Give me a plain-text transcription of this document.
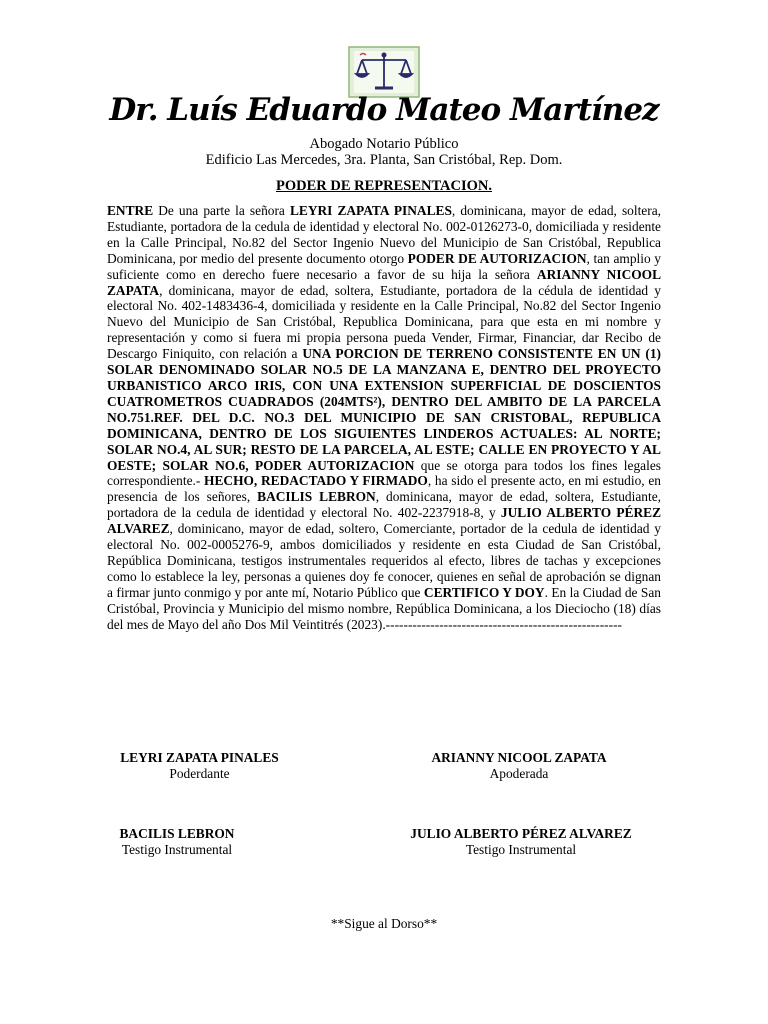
Dr. Luís Eduardo Mateo Martínez
Abogado Notario Público
Edificio Las Mercedes, 3ra. Planta, San Cristóbal, Rep. Dom.
PODER DE REPRESENTACION.
ENTRE De una parte la señora LEYRI ZAPATA PINALES, dominicana, mayor de edad, soltera, Estudiante, portadora de la cedula de identidad y electoral No. 002-0126273-0, domiciliada y residente en la Calle Principal, No.82 del Sector Ingenio Nuevo del Municipio de San Cristóbal, Republica Dominicana, por medio del presente documento otorgo PODER DE AUTORIZACION, tan amplio y suficiente como en derecho fuere necesario a favor de su hija la señora ARIANNY NICOOL ZAPATA, dominicana, mayor de edad, soltera, Estudiante, portadora de la cédula de identidad y electoral No. 402-1483436-4, domiciliada y residente en la Calle Principal, No.82 del Sector Ingenio Nuevo del Municipio de San Cristóbal, Republica Dominicana, para que esta en mi nombre y representación y como si fuera mi propia persona pueda Vender, Firmar, Financiar, dar Recibo de Descargo Finiquito, con relación a UNA PORCION DE TERRENO CONSISTENTE EN UN (1) SOLAR DENOMINADO SOLAR NO.5 DE LA MANZANA E, DENTRO DEL PROYECTO URBANISTICO ARCO IRIS, CON UNA EXTENSION SUPERFICIAL DE DOSCIENTOS CUATROMETROS CUADRADOS (204MTS²), DENTRO DEL AMBITO DE LA PARCELA NO.751.REF. DEL D.C. NO.3 DEL MUNICIPIO DE SAN CRISTOBAL, REPUBLICA DOMINICANA, DENTRO DE LOS SIGUIENTES LINDEROS ACTUALES: AL NORTE; SOLAR NO.4, AL SUR; RESTO DE LA PARCELA, AL ESTE; CALLE EN PROYECTO Y AL OESTE; SOLAR NO.6, PODER AUTORIZACION que se otorga para todos los fines legales correspondiente.- HECHO, REDACTADO Y FIRMADO, ha sido el presente acto, en mi estudio, en presencia de los señores, BACILIS LEBRON, dominicana, mayor de edad, soltera, Estudiante, portadora de la cedula de identidad y electoral No. 402-2237918-8, y JULIO ALBERTO PÉREZ ALVAREZ, dominicano, mayor de edad, soltero, Comerciante, portador de la cedula de identidad y electoral No. 002-0005276-9, ambos domiciliados y residente en esta Ciudad de San Cristóbal, República Dominicana, testigos instrumentales requeridos al efecto, libres de tachas y excepciones como lo establece la ley, personas a quienes doy fe conocer, quienes en señal de aprobación se dignan a firmar junto conmigo y por ante mí, Notario Público que CERTIFICO Y DOY. En la Ciudad de San Cristóbal, Provincia y Municipio del mismo nombre, República Dominicana, a los Dieciocho (18) días del mes de Mayo del año Dos Mil Veintitrés (2023).-----------------------------------------------------
LEYRI ZAPATA PINALES
Poderdante
ARIANNY NICOOL ZAPATA
Apoderada
BACILIS LEBRON
Testigo Instrumental
JULIO ALBERTO PÉREZ ALVAREZ
Testigo Instrumental
**Sigue al Dorso**
